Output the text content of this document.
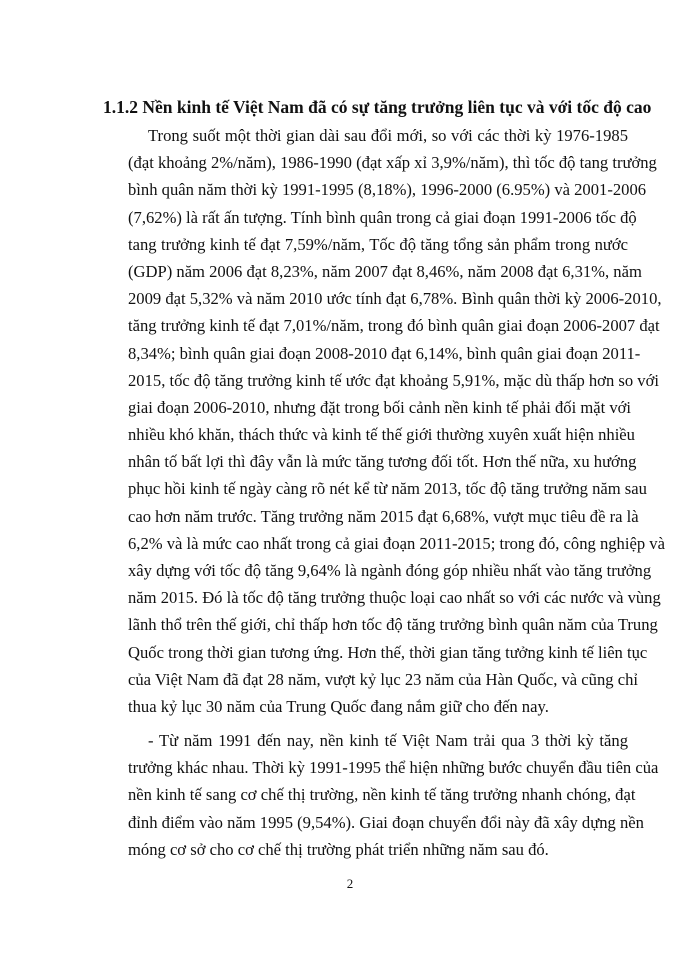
1.1.2 Nền kinh tế Việt Nam đã có sự tăng trưởng liên tục và với tốc độ cao
Trong suốt một thời gian dài sau đổi mới, so với các thời kỳ 1976-1985
(đạt khoảng 2%/năm), 1986-1990 (đạt xấp xỉ 3,9%/năm), thì tốc độ tang trưởng
bình quân năm thời kỳ 1991-1995 (8,18%), 1996-2000 (6.95%) và 2001-2006
(7,62%) là rất ấn tượng. Tính bình quân trong cả giai đoạn 1991-2006 tốc độ
tang trưởng kinh tế đạt 7,59%/năm, Tốc độ tăng tổng sản phẩm trong nước
(GDP) năm 2006 đạt 8,23%, năm 2007 đạt 8,46%, năm 2008 đạt 6,31%, năm
2009 đạt 5,32% và năm 2010 ước tính đạt 6,78%. Bình quân thời kỳ 2006-2010,
tăng trưởng kinh tế đạt 7,01%/năm, trong đó bình quân giai đoạn 2006-2007 đạt
8,34%; bình quân giai đoạn 2008-2010 đạt 6,14%, bình quân giai đoạn 2011-
2015, tốc độ tăng trưởng kinh tế ước đạt khoảng 5,91%, mặc dù thấp hơn so với
giai đoạn 2006-2010, nhưng đặt trong bối cảnh nền kinh tế phải đối mặt với
nhiều khó khăn, thách thức và kinh tế thế giới thường xuyên xuất hiện nhiều
nhân tố bất lợi thì đây vẫn là mức tăng tương đối tốt. Hơn thế nữa, xu hướng
phục hồi kinh tế ngày càng rõ nét kể từ năm 2013, tốc độ tăng trưởng năm sau
cao hơn năm trước. Tăng trưởng năm 2015 đạt 6,68%, vượt mục tiêu đề ra là
6,2% và là mức cao nhất trong cả giai đoạn 2011-2015; trong đó, công nghiệp và
xây dựng với tốc độ tăng 9,64% là ngành đóng góp nhiều nhất vào tăng trưởng
năm 2015. Đó là tốc độ tăng trưởng thuộc loại cao nhất so với các nước và vùng
lãnh thổ trên thế giới, chỉ thấp hơn tốc độ tăng trưởng bình quân năm của Trung
Quốc trong thời gian tương ứng. Hơn thế, thời gian tăng tưởng kinh tế liên tục
của Việt Nam đã đạt 28 năm, vượt kỷ lục 23 năm của Hàn Quốc, và cũng chỉ
thua kỷ lục 30 năm của Trung Quốc đang nắm giữ cho đến nay.
- Từ năm 1991 đến nay, nền kinh tế Việt Nam trải qua 3 thời kỳ tăng
trưởng khác nhau. Thời kỳ 1991-1995 thể hiện những bước chuyển đầu tiên của
nền kinh tế sang cơ chế thị trường, nền kinh tế tăng trưởng nhanh chóng, đạt
đỉnh điểm vào năm 1995 (9,54%). Giai đoạn chuyển đổi này đã xây dựng nền
móng cơ sở cho cơ chế thị trường phát triển những năm sau đó.
2
